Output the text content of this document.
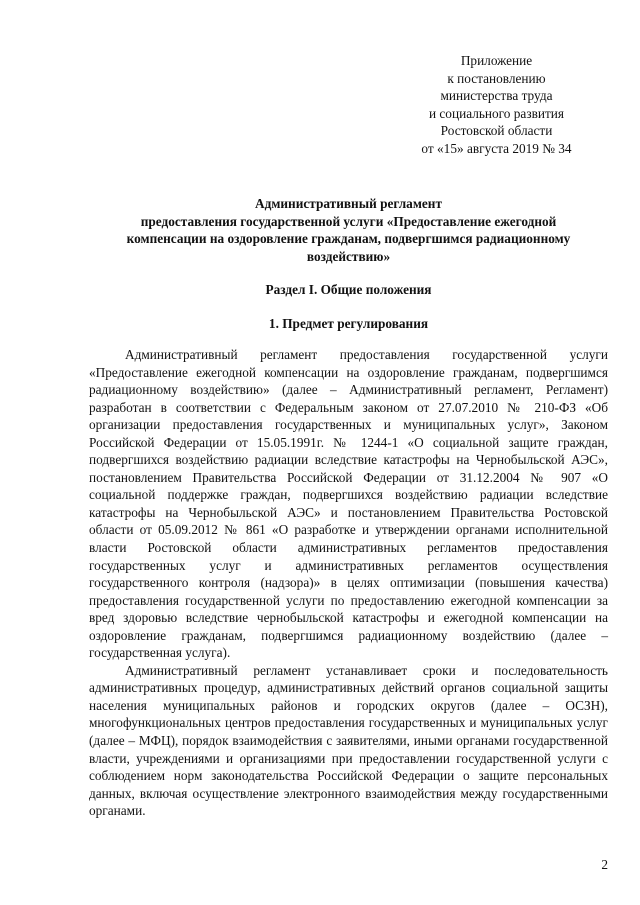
Приложение
к постановлению
министерства труда
и социального развития
Ростовской области
от «15» августа 2019 № 34
Административный регламент
предоставления государственной услуги «Предоставление ежегодной
компенсации на оздоровление гражданам, подвергшимся радиационному
воздействию»
Раздел I. Общие положения
1. Предмет регулирования

Административный регламент предоставления государственной услуги «Предоставление ежегодной компенсации на оздоровление гражданам, подвергшимся радиационному воздействию» (далее – Административный регламент, Регламент) разработан в соответствии с Федеральным законом от 27.07.2010 № 210-ФЗ «Об организации предоставления государственных и муниципальных услуг», Законом Российской Федерации от 15.05.1991г. № 1244-1 «О социальной защите граждан, подвергшихся воздействию радиации вследствие катастрофы на Чернобыльской АЭС», постановлением Правительства Российской Федерации от 31.12.2004 № 907 «О социальной поддержке граждан, подвергшихся воздействию радиации вследствие катастрофы на Чернобыльской АЭС» и постановлением Правительства Ростовской области от 05.09.2012 № 861 «О разработке и утверждении органами исполнительной власти Ростовской области административных регламентов предоставления государственных услуг и административных регламентов осуществления государственного контроля (надзора)» в целях оптимизации (повышения качества) предоставления государственной услуги по предоставлению ежегодной компенсации за вред здоровью вследствие чернобыльской катастрофы и ежегодной компенсации на оздоровление гражданам, подвергшимся радиационному воздействию (далее – государственная услуга).

Административный регламент устанавливает сроки и последовательность административных процедур, административных действий органов социальной защиты населения муниципальных районов и городских округов (далее – ОСЗН), многофункциональных центров предоставления государственных и муниципальных услуг (далее – МФЦ), порядок взаимодействия с заявителями, иными органами государственной власти, учреждениями и организациями при предоставлении государственной услуги с соблюдением норм законодательства Российской Федерации о защите персональных данных, включая осуществление электронного взаимодействия между государственными органами.

2
